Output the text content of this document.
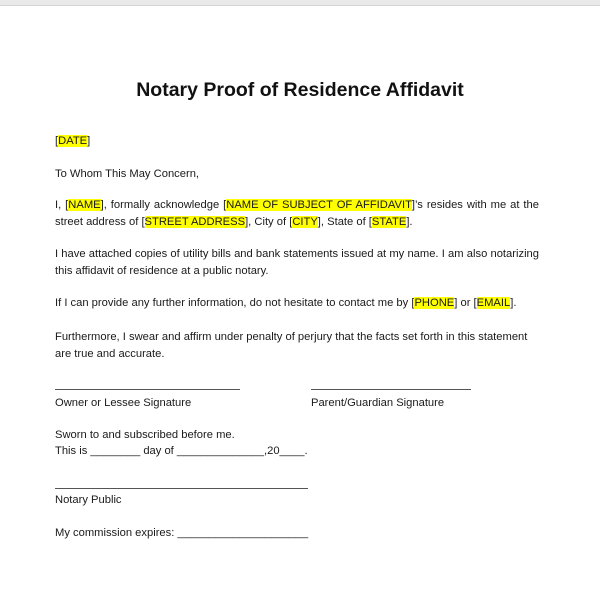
Notary Proof of Residence Affidavit
[DATE]
To Whom This May Concern,
I, [NAME], formally acknowledge [NAME OF SUBJECT OF AFFIDAVIT]’s resides with me at the street address of [STREET ADDRESS], City of [CITY], State of [STATE].
I have attached copies of utility bills and bank statements issued at my name. I am also notarizing this affidavit of residence at a public notary.
If I can provide any further information, do not hesitate to contact me by [PHONE] or [EMAIL].
Furthermore, I swear and affirm under penalty of perjury that the facts set forth in this statement are true and accurate.
Owner or Lessee Signature	Parent/Guardian Signature
Sworn to and subscribed before me.
This is ________ day of ______________,20____.
Notary Public
My commission expires: _____________________
